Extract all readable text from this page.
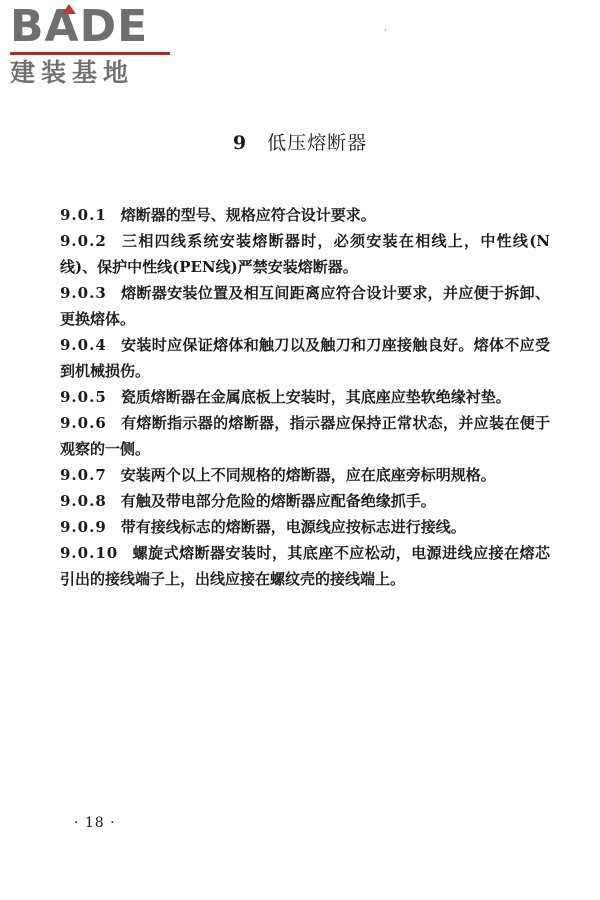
BADE
建装基地
·
9 低压熔断器

9.0.1 熔断器的型号、规格应符合设计要求。

9.0.2 三相四线系统安装熔断器时，必须安装在相线上，中性线(N线)、保护中性线(PEN线)严禁安装熔断器。

9.0.3 熔断器安装位置及相互间距离应符合设计要求，并应便于拆卸、更换熔体。

9.0.4 安装时应保证熔体和触刀以及触刀和刀座接触良好。熔体不应受到机械损伤。

9.0.5 瓷质熔断器在金属底板上安装时，其底座应垫软绝缘衬垫。

9.0.6 有熔断指示器的熔断器，指示器应保持正常状态，并应装在便于观察的一侧。

9.0.7 安装两个以上不同规格的熔断器，应在底座旁标明规格。

9.0.8 有触及带电部分危险的熔断器应配备绝缘抓手。

9.0.9 带有接线标志的熔断器，电源线应按标志进行接线。

9.0.10 螺旋式熔断器安装时，其底座不应松动，电源进线应接在熔芯引出的接线端子上，出线应接在螺纹壳的接线端上。

· 18 ·
